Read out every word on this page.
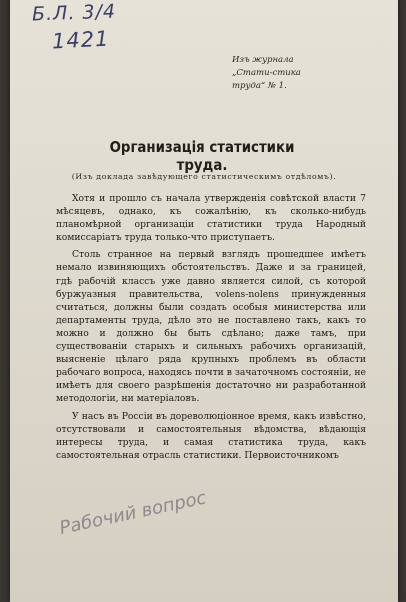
Б.Л. 3/4
1421
Изъ журнала „Стати-стика труда“ № 1.
Организація статистики труда.
(Изъ доклада завѣдующего статистическимъ отдѣломъ).

Хотя и прошло съ начала утвержденія совѣтской власти 7 мѣсяцевъ, однако, къ сожалѣнію, къ сколько-нибудь планомѣрной организаціи статистики труда Народный комиссаріатъ труда только-что приступаетъ.

Столь странное на первый взглядъ прошедшее имѣетъ немало извиняющихъ обстоятельствъ. Даже и за границей, гдѣ рабочій классъ уже давно является силой, съ которой буржуазныя правительства, volens-nolens принужденныя считаться, должны были создать особыя министерства или департаменты труда, дѣло это не поставлено такъ, какъ то можно и должно бы быть сдѣлано; даже тамъ, при существованіи старыхъ и сильныхъ рабочихъ организацій, выясненіе цѣлаго ряда крупныхъ проблемъ въ области рабочаго вопроса, находясь почти в зачаточномъ состояніи, не имѣетъ для своего разрѣшенія достаточно ни разработанной методологіи, ни матеріаловъ.

У насъ въ Россіи въ дореволюціонное время, какъ извѣстно, отсутствовали и самостоятельныя вѣдомства, вѣдающія интересы труда, и самая статистика труда, какъ самостоятельная отрасль статистики. Первоисточникомъ

Рабочий вопрос
